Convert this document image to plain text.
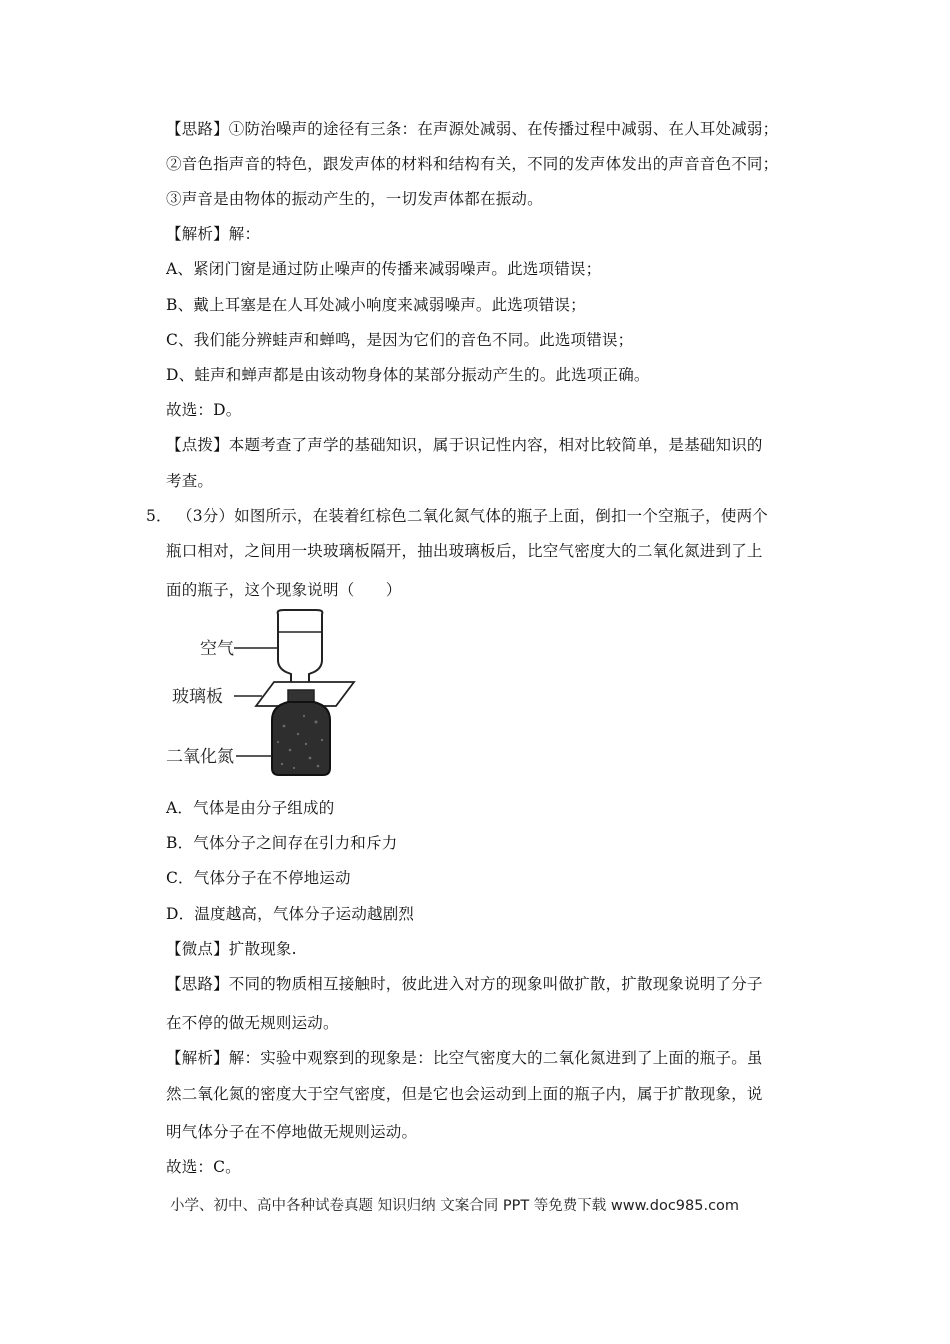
【思路】①防治噪声的途径有三条：在声源处减弱、在传播过程中减弱、在人耳处减弱；
②音色指声音的特色，跟发声体的材料和结构有关，不同的发声体发出的声音音色不同；
③声音是由物体的振动产生的，一切发声体都在振动。
【解析】解：
A、紧闭门窗是通过防止噪声的传播来减弱噪声。此选项错误；
B、戴上耳塞是在人耳处减小响度来减弱噪声。此选项错误；
C、我们能分辨蛙声和蝉鸣，是因为它们的音色不同。此选项错误；
D、蛙声和蝉声都是由该动物身体的某部分振动产生的。此选项正确。
故选：D。
【点拨】本题考查了声学的基础知识，属于识记性内容，相对比较简单，是基础知识的
考查。
5． （3分）如图所示，在装着红棕色二氧化氮气体的瓶子上面，倒扣一个空瓶子，使两个
瓶口相对，之间用一块玻璃板隔开，抽出玻璃板后，比空气密度大的二氧化氮进到了上
面的瓶子，这个现象说明（　　）
空气
玻璃板
二氧化氮
A．气体是由分子组成的
B．气体分子之间存在引力和斥力
C．气体分子在不停地运动
D．温度越高，气体分子运动越剧烈
【微点】扩散现象.
【思路】不同的物质相互接触时，彼此进入对方的现象叫做扩散，扩散现象说明了分子
在不停的做无规则运动。
【解析】解：实验中观察到的现象是：比空气密度大的二氧化氮进到了上面的瓶子。虽
然二氧化氮的密度大于空气密度，但是它也会运动到上面的瓶子内，属于扩散现象，说
明气体分子在不停地做无规则运动。
故选：C。
小学、初中、高中各种试卷真题 知识归纳 文案合同 PPT 等免费下载 www.doc985.com
